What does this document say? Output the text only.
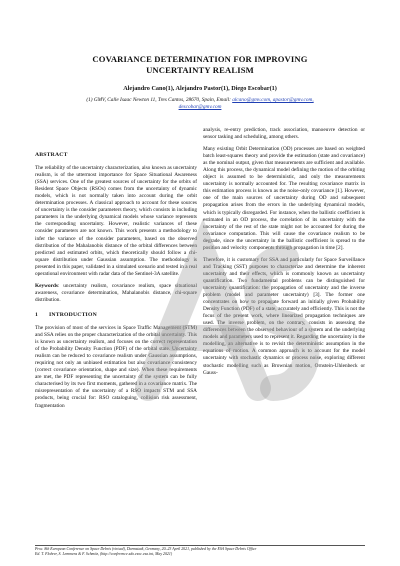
COVARIANCE DETERMINATION FOR IMPROVING
UNCERTAINTY REALISM
Alejandro Cano(1), Alejandro Pastor(1), Diego Escobar(1)
(1) GMV, Calle Isaac Newton 11, Tres Cantos, 28670, Spain, Email: alcano@gmv.com, apastor@gmv.com,
descobar@gmv.com
ABSTRACT

The reliability of the uncertainty characterization, also known as uncertainty realism, is of the uttermost importance for Space Situational Awareness (SSA) services. One of the greatest sources of uncertainty for the orbits of Resident Space Objects (RSOs) comes from the uncertainty of dynamic models, which is not normally taken into account during the orbit determination processes. A classical approach to account for these sources of uncertainty is the consider parameters theory, which consists in including parameters in the underlying dynamical models whose variance represents the corresponding uncertainty. However, realistic variances of these consider parameters are not known. This work presents a methodology to infer the variance of the consider parameters, based on the observed distribution of the Mahalanobis distance of the orbital differences between predicted and estimated orbits, which theoretically should follow a chi-square distribution under Gaussian assumption. The methodology is presented in this paper, validated in a simulated scenario and tested in a real operational environment with radar data of the Sentinel-3A satellite.

Keywords: uncertainty realism, covariance realism, space situational awareness, covariance determination, Mahalanobis distance, chi-square distribution.

1 INTRODUCTION

The provision of most of the services in Space Traffic Management (STM) and SSA relies on the proper characterization of the orbital uncertainty. This is known as uncertainty realism, and focuses on the correct representation of the Probability Density Function (PDF) of the orbital state. Uncertainty realism can be reduced to covariance realism under Gaussian assumptions, requiring not only an unbiased estimation but also covariance consistency (correct covariance orientation, shape and size). When these requirements are met, the PDF representing the uncertainty of the system can be fully characterised by its two first moments, gathered in a covariance matrix. The misrepresentation of the uncertainty of a RSO impacts STM and SSA products, being crucial for: RSO cataloguing, collision risk assessment, fragmentation

analysis, re-entry prediction, track association, manoeuvre detection or sensor tasking and scheduling, among others.

Many existing Orbit Determination (OD) processes are based on weighted batch least-squares theory and provide the estimation (state and covariance) as the nominal output, given that measurements are sufficient and available. Along this process, the dynamical model defining the motion of the orbiting object is assumed to be deterministic, and only the measurements uncertainty is normally accounted for. The resulting covariance matrix in this estimation process is known as the noise-only covariance [1]. However, one of the main sources of uncertainty during OD and subsequent propagation arises from the errors in the underlying dynamical models, which is typically disregarded. For instance, when the ballistic coefficient is estimated in an OD process, the correlation of its uncertainty with the uncertainty of the rest of the state might not be accounted for during the covariance computation. This will cause the covariance realism to be degrade, since the uncertainty in the ballistic coefficient is spread to the position and velocity components through propagation in time [2].

Therefore, it is customary for SSA and particularly for Space Surveillance and Tracking (SST) purposes to characterize and determine the inherent uncertainty and their effects, which is commonly known as uncertainty quantification. Two fundamental problems can be distinguished for uncertainty quantification: the propagation of uncertainty and the inverse problem (model and parameter uncertainty) [3]. The former one concentrates on how to propagate forward an initially given Probability Density Function (PDF) of a state, accurately and efficiently. This is not the focus of the present work, where linearized propagation techniques are used. The inverse problem, on the contrary, consists in assessing the differences between the observed behaviour of a system and the underlying models and parameters used to represent it. Regarding the uncertainty in the modelling, an alternative is to revisit the deterministic assumption in the equations of motion. A common approach is to account for the model uncertainty with stochastic dynamics or process noise, exploring different stochastic modelling such as Brownian motion, Ornstein-Uhlenbeck or Gauss-

Proc. 8th European Conference on Space Debris (virtual), Darmstadt, Germany, 20–23 April 2021, published by the ESA Space Debris Office
Ed. T. Flohrer, S. Lemmens & F. Schmitz, (http://conference.sdo.esoc.esa.int, May 2021)
